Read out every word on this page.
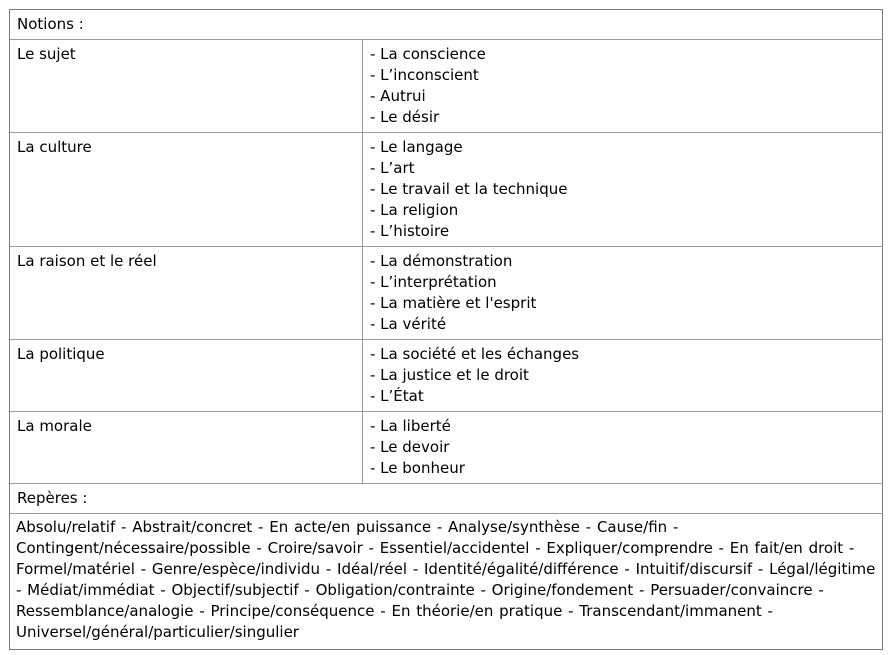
Notions :
Le sujet	- La conscience
- L’inconscient
- Autrui
- Le désir
La culture	- Le langage
- L’art
- Le travail et la technique
- La religion
- L’histoire
La raison et le réel	- La démonstration
- L’interprétation
- La matière et l'esprit
- La vérité
La politique	- La société et les échanges
- La justice et le droit
- L’État
La morale	- La liberté
- Le devoir
- Le bonheur
Repères :
Absolu/relatif - Abstrait/concret - En acte/en puissance - Analyse/synthèse - Cause/fin - Contingent/nécessaire/possible - Croire/savoir - Essentiel/accidentel - Expliquer/comprendre - En fait/en droit - Formel/matériel - Genre/espèce/individu - Idéal/réel - Identité/égalité/différence - Intuitif/discursif - Légal/légitime - Médiat/immédiat - Objectif/subjectif - Obligation/contrainte - Origine/fondement - Persuader/convaincre - Ressemblance/analogie - Principe/conséquence - En théorie/en pratique - Transcendant/immanent - Universel/général/particulier/singulier
